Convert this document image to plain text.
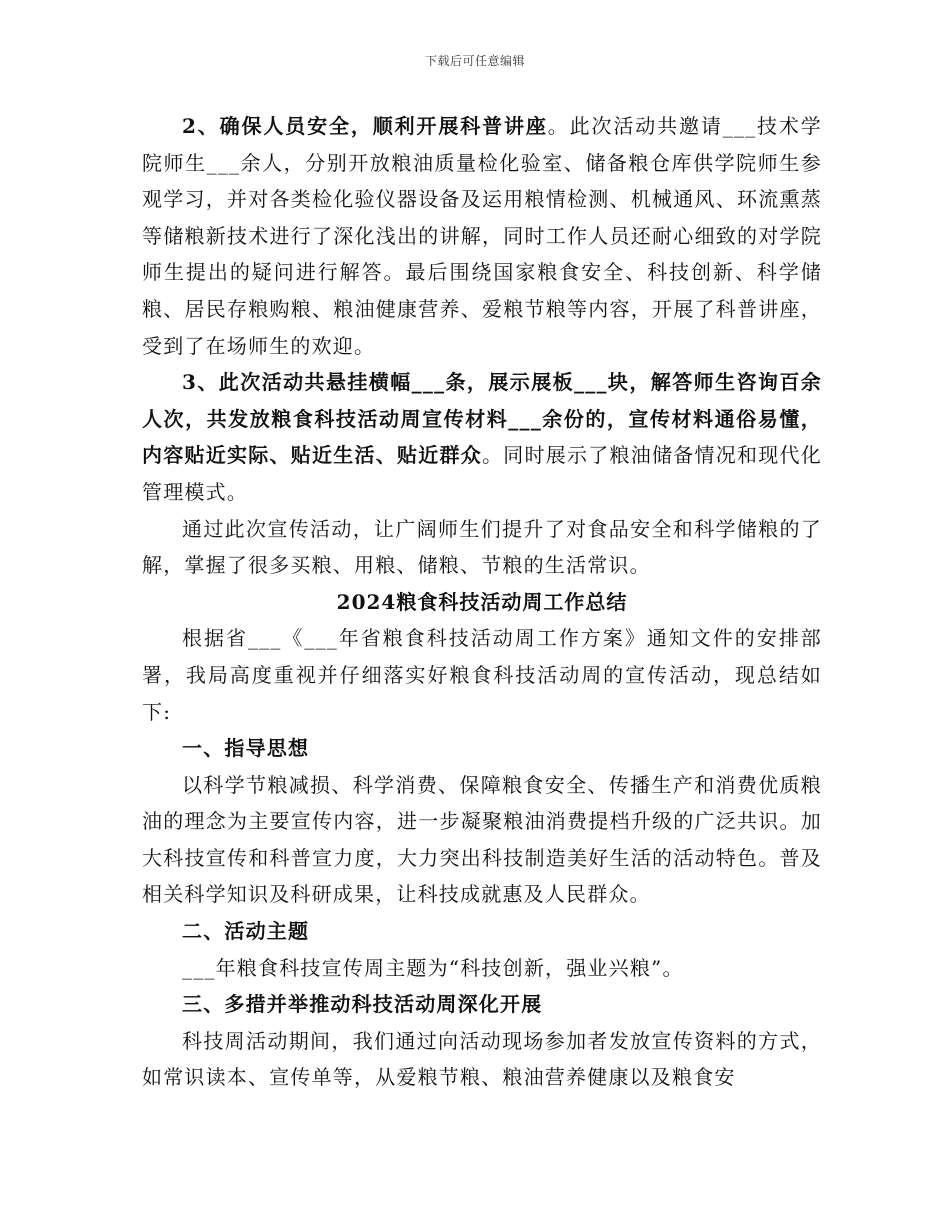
下载后可任意编辑

2、确保人员安全，顺利开展科普讲座。此次活动共邀请___技术学院师生___余人，分别开放粮油质量检化验室、储备粮仓库供学院师生参观学习，并对各类检化验仪器设备及运用粮情检测、机械通风、环流熏蒸等储粮新技术进行了深化浅出的讲解，同时工作人员还耐心细致的对学院师生提出的疑问进行解答。最后围绕国家粮食安全、科技创新、科学储粮、居民存粮购粮、粮油健康营养、爱粮节粮等内容，开展了科普讲座，受到了在场师生的欢迎。

3、此次活动共悬挂横幅___条，展示展板___块，解答师生咨询百余人次，共发放粮食科技活动周宣传材料___余份的，宣传材料通俗易懂，内容贴近实际、贴近生活、贴近群众。同时展示了粮油储备情况和现代化管理模式。

通过此次宣传活动，让广阔师生们提升了对食品安全和科学储粮的了解，掌握了很多买粮、用粮、储粮、节粮的生活常识。

2024粮食科技活动周工作总结

根据省___《___年省粮食科技活动周工作方案》通知文件的安排部署，我局高度重视并仔细落实好粮食科技活动周的宣传活动，现总结如下:

一、指导思想

以科学节粮减损、科学消费、保障粮食安全、传播生产和消费优质粮油的理念为主要宣传内容，进一步凝聚粮油消费提档升级的广泛共识。加大科技宣传和科普宣力度，大力突出科技制造美好生活的活动特色。普及相关科学知识及科研成果，让科技成就惠及人民群众。

二、活动主题

___年粮食科技宣传周主题为“科技创新，强业兴粮”。

三、多措并举推动科技活动周深化开展

科技周活动期间，我们通过向活动现场参加者发放宣传资料的方式，如常识读本、宣传单等，从爱粮节粮、粮油营养健康以及粮食安
